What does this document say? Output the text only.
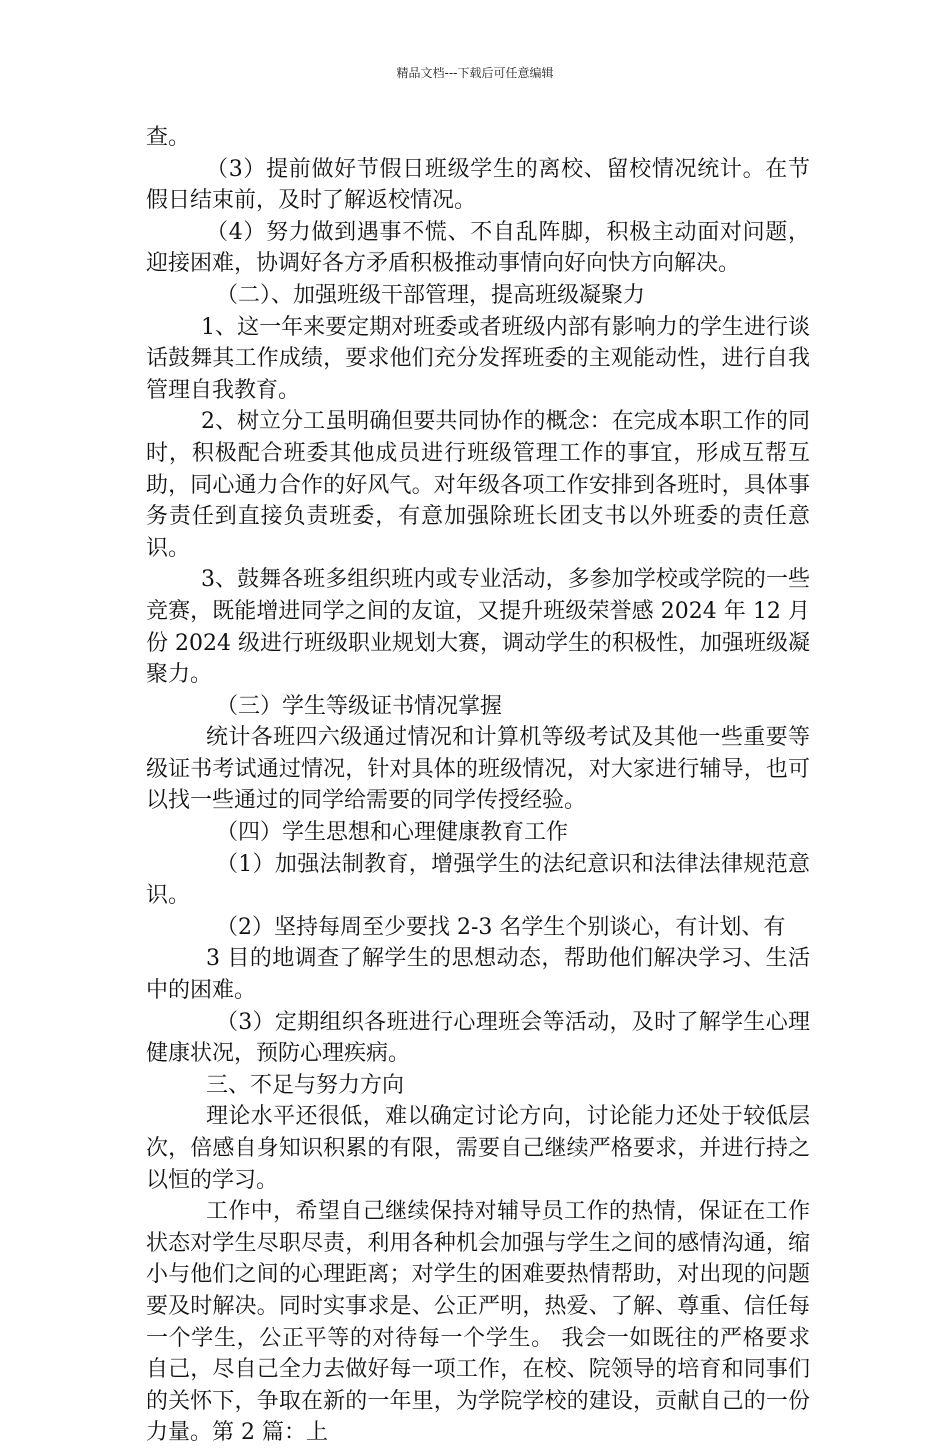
精品文档---下载后可任意编辑

查。

（3）提前做好节假日班级学生的离校、留校情况统计。在节假日结束前，及时了解返校情况。

（4）努力做到遇事不慌、不自乱阵脚，积极主动面对问题，迎接困难，协调好各方矛盾积极推动事情向好向快方向解决。

（二）、加强班级干部管理，提高班级凝聚力

1、这一年来要定期对班委或者班级内部有影响力的学生进行谈话鼓舞其工作成绩，要求他们充分发挥班委的主观能动性，进行自我管理自我教育。

2、树立分工虽明确但要共同协作的概念：在完成本职工作的同时，积极配合班委其他成员进行班级管理工作的事宜，形成互帮互助，同心通力合作的好风气。对年级各项工作安排到各班时，具体事务责任到直接负责班委，有意加强除班长团支书以外班委的责任意识。

3、鼓舞各班多组织班内或专业活动，多参加学校或学院的一些竞赛，既能增进同学之间的友谊，又提升班级荣誉感 2024 年 12 月份 2024 级进行班级职业规划大赛，调动学生的积极性，加强班级凝聚力。

（三）学生等级证书情况掌握

统计各班四六级通过情况和计算机等级考试及其他一些重要等级证书考试通过情况，针对具体的班级情况，对大家进行辅导，也可以找一些通过的同学给需要的同学传授经验。

（四）学生思想和心理健康教育工作

（1）加强法制教育，增强学生的法纪意识和法律法律规范意识。

（2）坚持每周至少要找 2-3 名学生个别谈心，有计划、有

3 目的地调查了解学生的思想动态，帮助他们解决学习、生活中的困难。

（3）定期组织各班进行心理班会等活动，及时了解学生心理健康状况，预防心理疾病。

三、不足与努力方向

理论水平还很低，难以确定讨论方向，讨论能力还处于较低层次，倍感自身知识积累的有限，需要自己继续严格要求，并进行持之以恒的学习。

工作中，希望自己继续保持对辅导员工作的热情，保证在工作状态对学生尽职尽责，利用各种机会加强与学生之间的感情沟通，缩小与他们之间的心理距离；对学生的困难要热情帮助，对出现的问题要及时解决。同时实事求是、公正严明，热爱、了解、尊重、信任每一个学生，公正平等的对待每一个学生。 我会一如既往的严格要求自己，尽自己全力去做好每一项工作，在校、院领导的培育和同事们的关怀下，争取在新的一年里，为学院学校的建设，贡献自己的一份力量。第 2 篇：上
